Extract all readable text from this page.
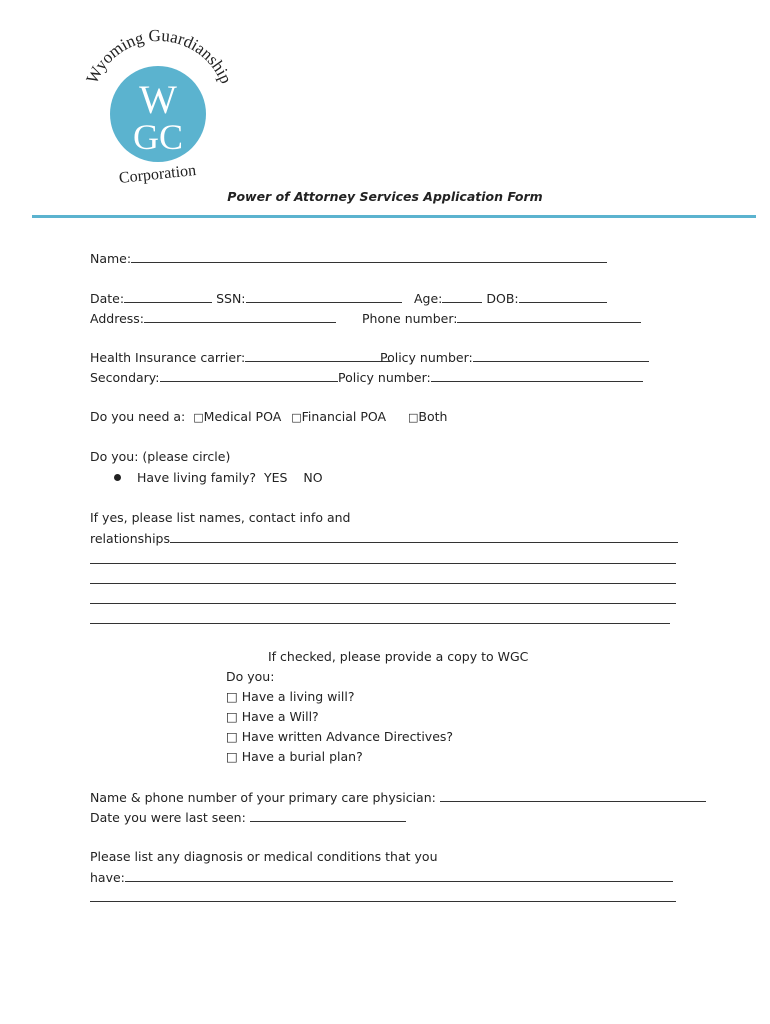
Wyoming Guardianship
W
GC
Corporation
Power of Attorney Services Application Form
Name:
Date:	SSN:	Age:	DOB:
Address:	Phone number:
Health Insurance carrier:	Policy number:
Secondary:	Policy number:
Do you need a: □Medical POA □Financial POA □Both
Do you: (please circle)
Have living family? YES NO
If yes, please list names, contact info and
relationships
If checked, please provide a copy to WGC
Do you:
□ Have a living will?
□ Have a Will?
□ Have written Advance Directives?
□ Have a burial plan?
Name & phone number of your primary care physician:
Date you were last seen:
Please list any diagnosis or medical conditions that you
have:
